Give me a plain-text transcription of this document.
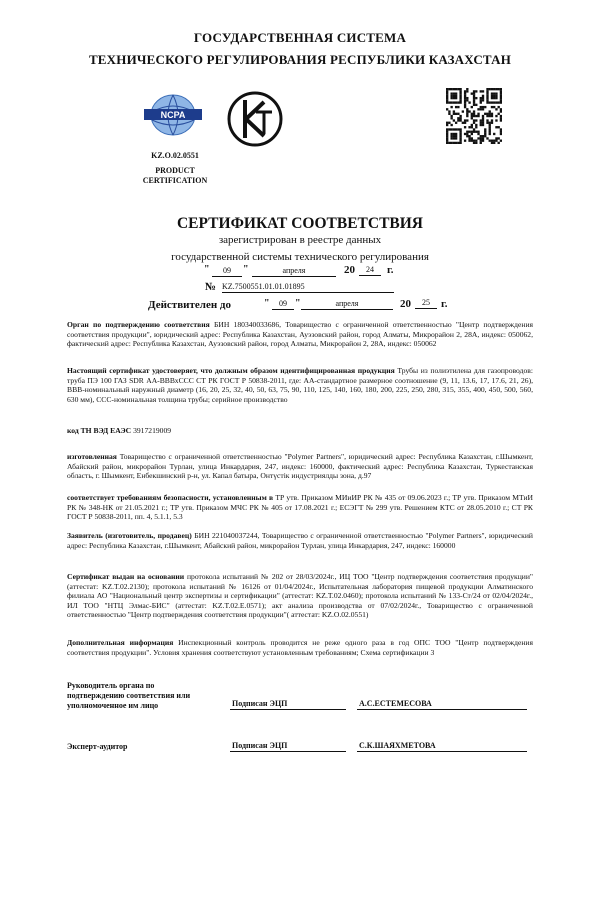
ГОСУДАРСТВЕННАЯ СИСТЕМА
ТЕХНИЧЕСКОГО РЕГУЛИРОВАНИЯ РЕСПУБЛИКИ КАЗАХСТАН
NCPA
KZ.O.02.0551
PRODUCT
CERTIFICATION
СЕРТИФИКАТ СООТВЕТСТВИЯ
зарегистрирован в реестре данных
государственной системы технического регулирования
"	09	"	апреля	20	24	г.
№ KZ.7500551.01.01.01895
Действителен до	"	09 "	апреля	20	25	г.
Орган по подтверждению соответствия БИН 180340033686, Товарищество с ограниченной ответственностью "Центр подтверждения соответствия продукции", юридический адрес: Республика Казахстан, Ауэзовский район, город Алматы, Микрорайон 2, 28А, индекс: 050062, фактический адрес: Республика Казахстан, Ауэзовский район, город Алматы, Микрорайон 2, 28А, индекс: 050062
Настоящий сертификат удостоверяет, что должным образом идентифицированная продукция Трубы из полиэтилена для газопроводов: труба ПЭ 100 ГАЗ SDR АА-ВВВхССС СТ РК ГОСТ Р 50838-2011, где: АА-стандартное размерное соотношение (9, 11, 13.6, 17, 17.6, 21, 26), ВВВ-номинальный наружный диаметр (16, 20, 25, 32, 40, 50, 63, 75, 90, 110, 125, 140, 160, 180, 200, 225, 250, 280, 315, 355, 400, 450, 500, 560, 630 мм), ССС-номинальная толщина трубы; серийное производство
код ТН ВЭД ЕАЭС 3917219009
изготовленная Товарищество с ограниченной ответственностью "Polymer Partners", юридический адрес: Республика Казахстан, г.Шымкент, Абайский район, микрорайон Турлан, улица Инкардария, 247, индекс: 160000, фактический адрес: Республика Казахстан, Туркестанская область, г. Шымкент, Енбекшинский р-н, ул. Капал батыра, Онтүстік индустриялды зона, д.97
соответствует требованиям безопасности, установленным в ТР утв. Приказом МИиИР РК № 435 от 09.06.2023 г.; ТР утв. Приказом МТиИ РК № 348-НК от 21.05.2021 г.; ТР утв. Приказом МЧС РК № 405 от 17.08.2021 г.; ЕСЭГТ № 299 утв. Решением КТС от 28.05.2010 г.; СТ РК ГОСТ Р 50838-2011, пп. 4, 5.1.1, 5.3
Заявитель (изготовитель, продавец) БИН 221040037244, Товарищество с ограниченной ответственностью "Polymer Partners", юридический адрес: Республика Казахстан, г.Шымкент, Абайский район, микрорайон Турлан, улица Инкардария, 247, индекс: 160000
Сертификат выдан на основании протокола испытаний № 202 от 28/03/2024г., ИЦ ТОО "Центр подтверждения соответствия продукции" (аттестат: KZ.T.02.2130); протокола испытаний № 16126 от 01/04/2024г., Испытательная лаборатория пищевой продукции Алматинского филиала АО "Национальный центр экспертизы и сертификации" (аттестат: KZ.T.02.0460); протокола испытаний № 133-Ст/24 от 02/04/2024г., ИЛ ТОО "НТЦ Элмас-БИС" (аттестат: KZ.T.02.E.0571); акт анализа производства от 07/02/2024г., Товарищество с ограниченной ответственностью "Центр подтверждения соответствия продукции"( аттестат: KZ.O.02.0551)
Дополнительная информация Инспекционный контроль проводится не реже одного раза в год ОПС ТОО "Центр подтверждения соответствия продукции". Условия хранения соответствуют установленным требованиям; Схема сертификации 3
Руководитель органа по
подтверждению соответствия или
уполномоченное им лицо	Подписан ЭЦП	А.С.ЕСТЕМЕСОВА
Эксперт-аудитор	Подписан ЭЦП	С.К.ШАЯХМЕТОВА
